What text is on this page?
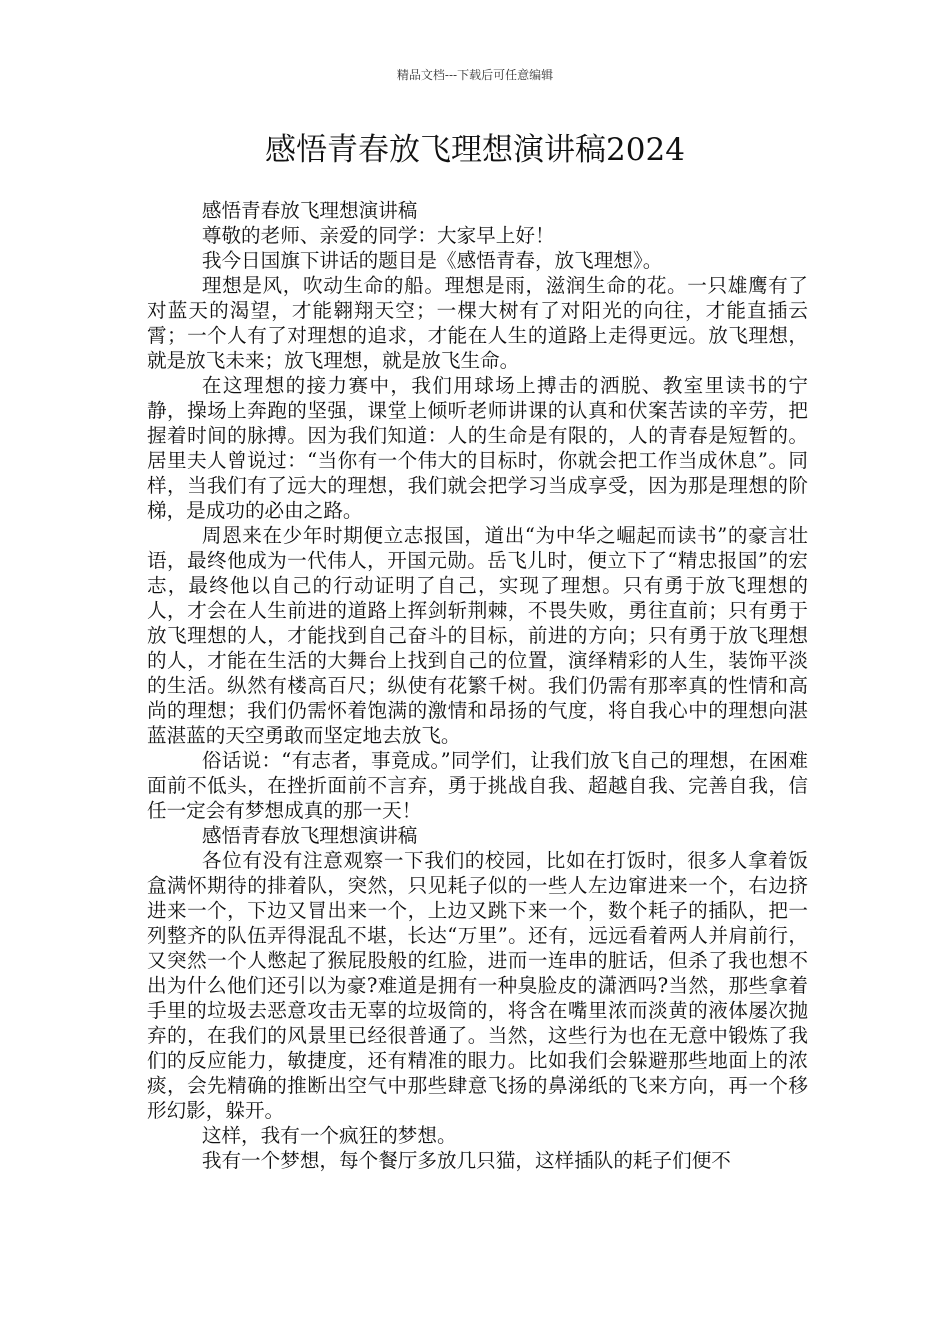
精品文档---下载后可任意编辑
感悟青春放飞理想演讲稿2024

感悟青春放飞理想演讲稿

尊敬的老师、亲爱的同学：大家早上好！

我今日国旗下讲话的题目是《感悟青春，放飞理想》。

理想是风，吹动生命的船。理想是雨，滋润生命的花。一只雄鹰有了对蓝天的渴望，才能翱翔天空；一棵大树有了对阳光的向往，才能直插云霄；一个人有了对理想的追求，才能在人生的道路上走得更远。放飞理想，就是放飞未来；放飞理想，就是放飞生命。

在这理想的接力赛中，我们用球场上搏击的洒脱、教室里读书的宁静，操场上奔跑的坚强，课堂上倾听老师讲课的认真和伏案苦读的辛劳，把握着时间的脉搏。因为我们知道：人的生命是有限的，人的青春是短暂的。居里夫人曾说过：“当你有一个伟大的目标时，你就会把工作当成休息”。同样，当我们有了远大的理想，我们就会把学习当成享受，因为那是理想的阶梯，是成功的必由之路。

周恩来在少年时期便立志报国，道出“为中华之崛起而读书”的豪言壮语，最终他成为一代伟人，开国元勋。岳飞儿时，便立下了“精忠报国”的宏志，最终他以自己的行动证明了自己，实现了理想。只有勇于放飞理想的人，才会在人生前进的道路上挥剑斩荆棘，不畏失败，勇往直前；只有勇于放飞理想的人，才能找到自己奋斗的目标，前进的方向；只有勇于放飞理想的人，才能在生活的大舞台上找到自己的位置，演绎精彩的人生，装饰平淡的生活。纵然有楼高百尺；纵使有花繁千树。我们仍需有那率真的性情和高尚的理想；我们仍需怀着饱满的激情和昂扬的气度，将自我心中的理想向湛蓝湛蓝的天空勇敢而坚定地去放飞。

俗话说：“有志者，事竟成。”同学们，让我们放飞自己的理想，在困难面前不低头，在挫折面前不言弃，勇于挑战自我、超越自我、完善自我，信任一定会有梦想成真的那一天！

感悟青春放飞理想演讲稿

各位有没有注意观察一下我们的校园，比如在打饭时，很多人拿着饭盒满怀期待的排着队，突然，只见耗子似的一些人左边窜进来一个，右边挤进来一个，下边又冒出来一个，上边又跳下来一个，数个耗子的插队，把一列整齐的队伍弄得混乱不堪，长达“万里”。还有，远远看着两人并肩前行，又突然一个人憋起了猴屁股般的红脸，进而一连串的脏话，但杀了我也想不出为什么他们还引以为豪?难道是拥有一种臭脸皮的潇洒吗?当然，那些拿着手里的垃圾去恶意攻击无辜的垃圾筒的，将含在嘴里浓而淡黄的液体屡次抛弃的，在我们的风景里已经很普通了。当然，这些行为也在无意中锻炼了我们的反应能力，敏捷度，还有精准的眼力。比如我们会躲避那些地面上的浓痰，会先精确的推断出空气中那些肆意飞扬的鼻涕纸的飞来方向，再一个移形幻影，躲开。

这样，我有一个疯狂的梦想。

我有一个梦想，每个餐厅多放几只猫，这样插队的耗子们便不
